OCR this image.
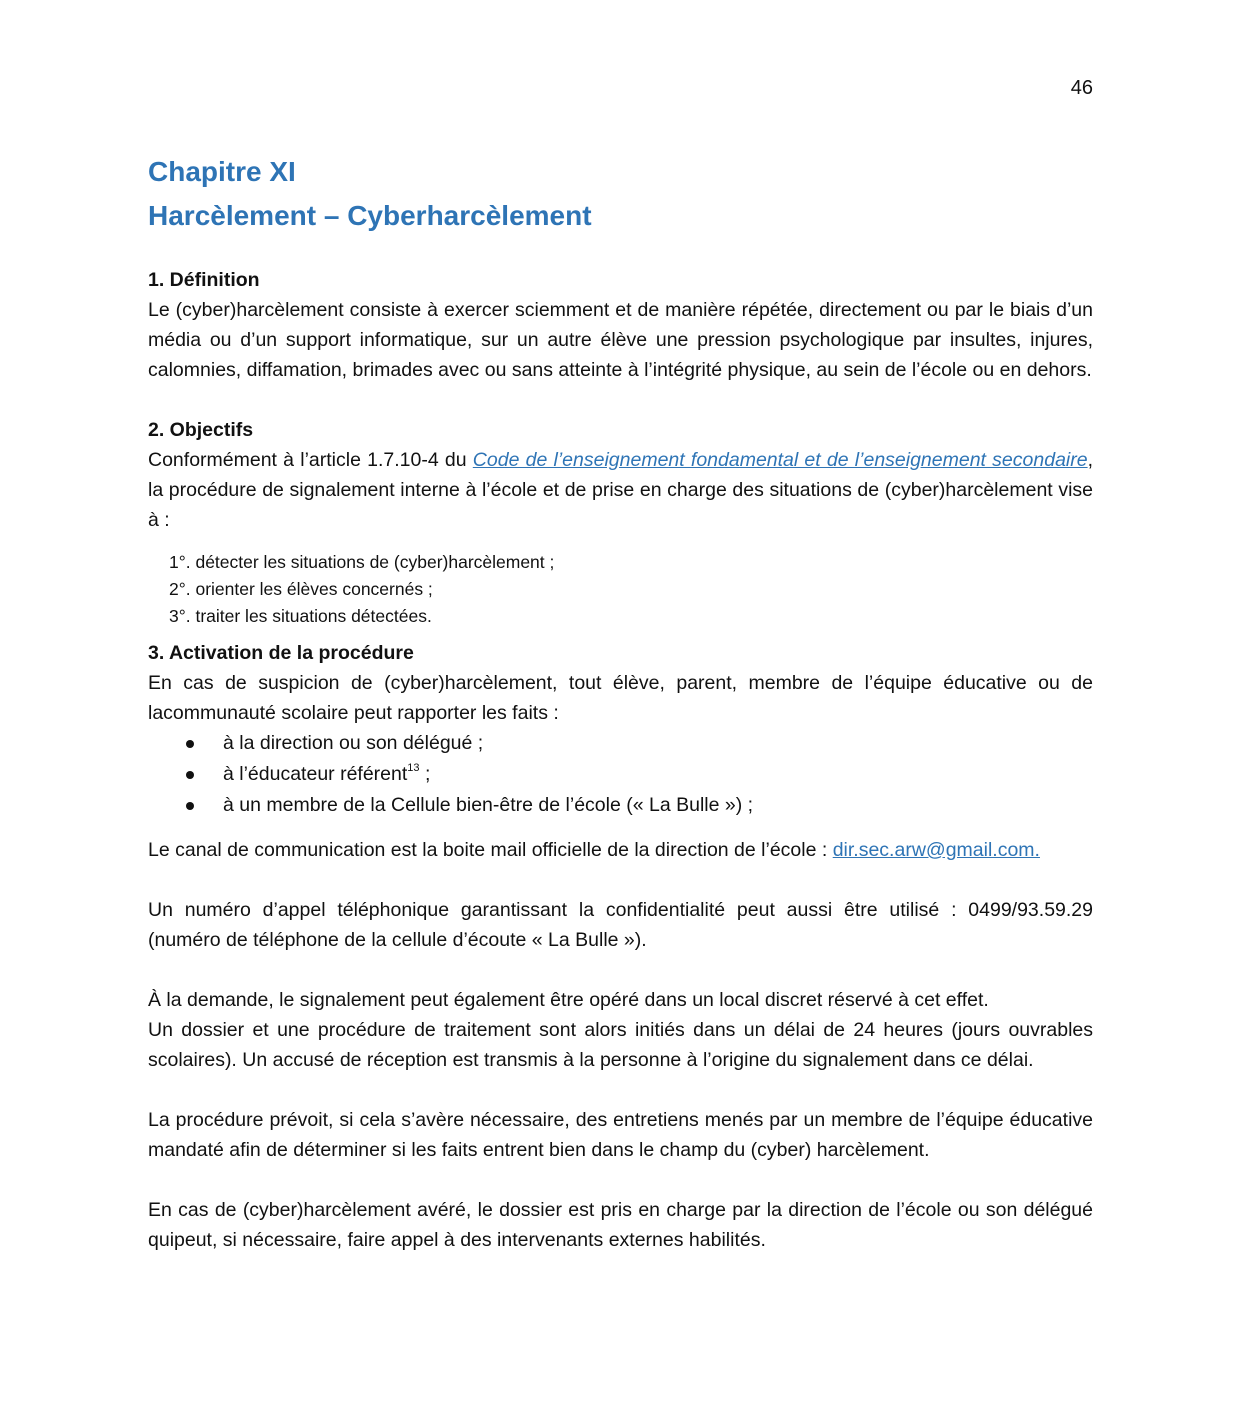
46
Chapitre XI
Harcèlement – Cyberharcèlement
1. Définition

Le (cyber)harcèlement consiste à exercer sciemment et de manière répétée, directement ou par le biais d’un média ou d’un support informatique, sur un autre élève une pression psychologique par insultes, injures, calomnies, diffamation, brimades avec ou sans atteinte à l’intégrité physique, au sein de l’école ou en dehors.

2. Objectifs

Conformément à l’article 1.7.10-4 du Code de l’enseignement fondamental et de l’enseignement secondaire, la procédure de signalement interne à l’école et de prise en charge des situations de (cyber)harcèlement vise à :

1°. détecter les situations de (cyber)harcèlement ;
2°. orienter les élèves concernés ;
3°. traiter les situations détectées.
3. Activation de la procédure

En cas de suspicion de (cyber)harcèlement, tout élève, parent, membre de l’équipe éducative ou de lacommunauté scolaire peut rapporter les faits :

à la direction ou son délégué ;
à l’éducateur référent$^{13}$ ;
à un membre de la Cellule bien-être de l’école (« La Bulle ») ;

Le canal de communication est la boite mail officielle de la direction de l’école : dir.sec.arw@gmail.com.

Un numéro d’appel téléphonique garantissant la confidentialité peut aussi être utilisé : 0499/93.59.29 (numéro de téléphone de la cellule d’écoute « La Bulle »).

À la demande, le signalement peut également être opéré dans un local discret réservé à cet effet.

Un dossier et une procédure de traitement sont alors initiés dans un délai de 24 heures (jours ouvrables scolaires). Un accusé de réception est transmis à la personne à l’origine du signalement dans ce délai.

La procédure prévoit, si cela s’avère nécessaire, des entretiens menés par un membre de l’équipe éducative mandaté afin de déterminer si les faits entrent bien dans le champ du (cyber) harcèlement.

En cas de (cyber)harcèlement avéré, le dossier est pris en charge par la direction de l’école ou son délégué quipeut, si nécessaire, faire appel à des intervenants externes habilités.
